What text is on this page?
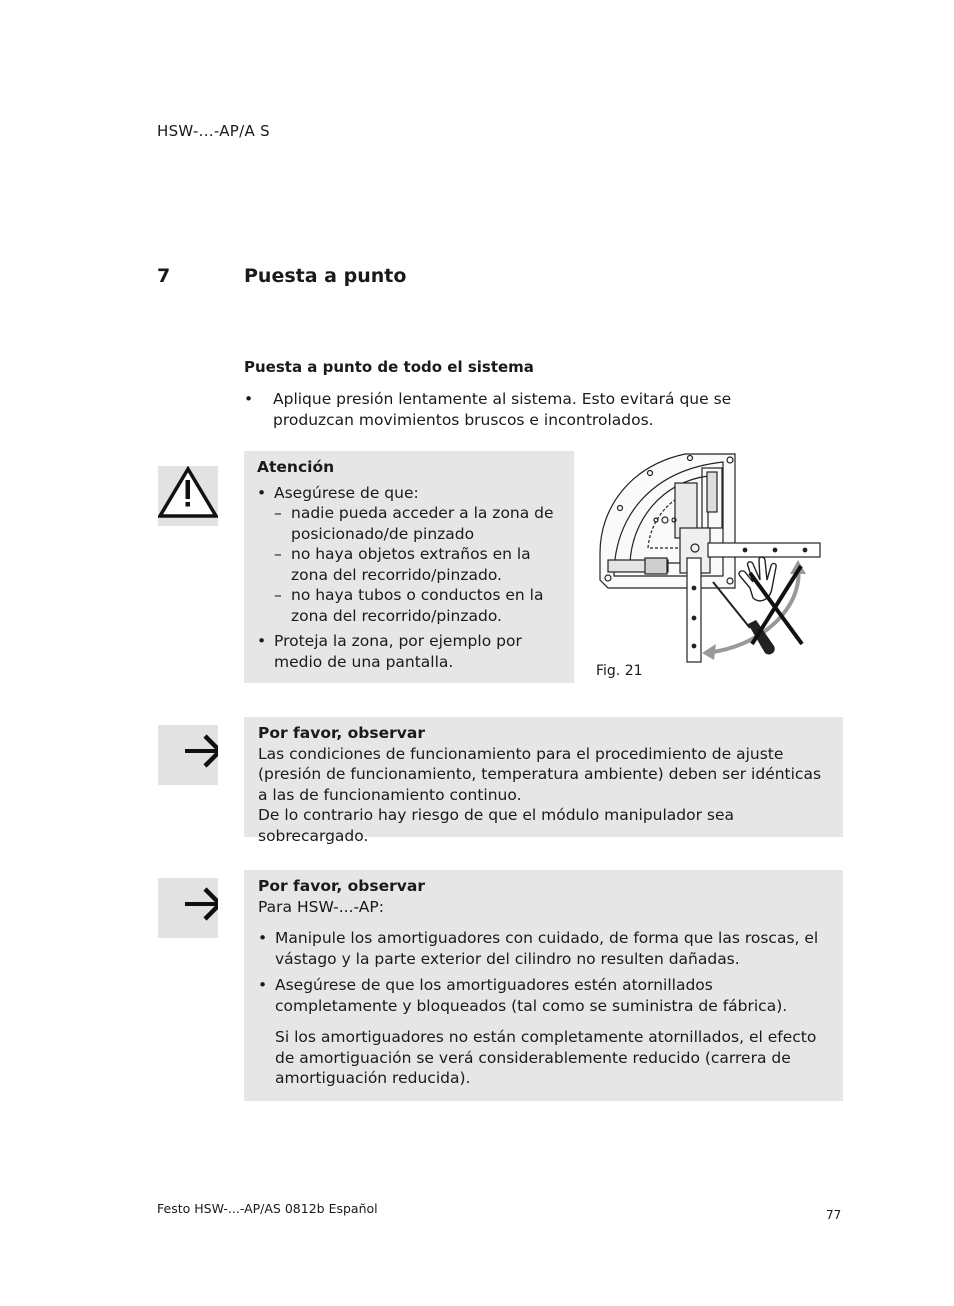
HSW-...-AP/A S
7	Puesta a punto
Puesta a punto de todo el sistema
• Aplique presión lentamente al sistema. Esto evitará que se produzcan movimientos bruscos e incontrolados.
Atención
• Asegúrese de que:
– nadie pueda acceder a la zona de posicionado/de pinzado
– no haya objetos extraños en la zona del recorrido/pinzado.
– no haya tubos o conductos en la zona del recorrido/pinzado.
• Proteja la zona, por ejemplo por medio de una pantalla.
Fig. 21
Por favor, observar
Las condiciones de funcionamiento para el procedimiento de ajuste (presión de funcionamiento, temperatura ambiente) deben ser idénticas a las de funcionamiento continuo.
De lo contrario hay riesgo de que el módulo manipulador sea sobrecargado.
Por favor, observar
Para HSW-...-AP:
• Manipule los amortiguadores con cuidado, de forma que las roscas, el vástago y la parte exterior del cilindro no resulten dañadas.
• Asegúrese de que los amortiguadores estén atornillados completamente y bloqueados (tal como se suministra de fábrica).
Si los amortiguadores no están completamente atornillados, el efecto de amortiguación se verá considerablemente reducido (carrera de amortiguación reducida).
Festo HSW-...-AP/AS 0812b Español	77
